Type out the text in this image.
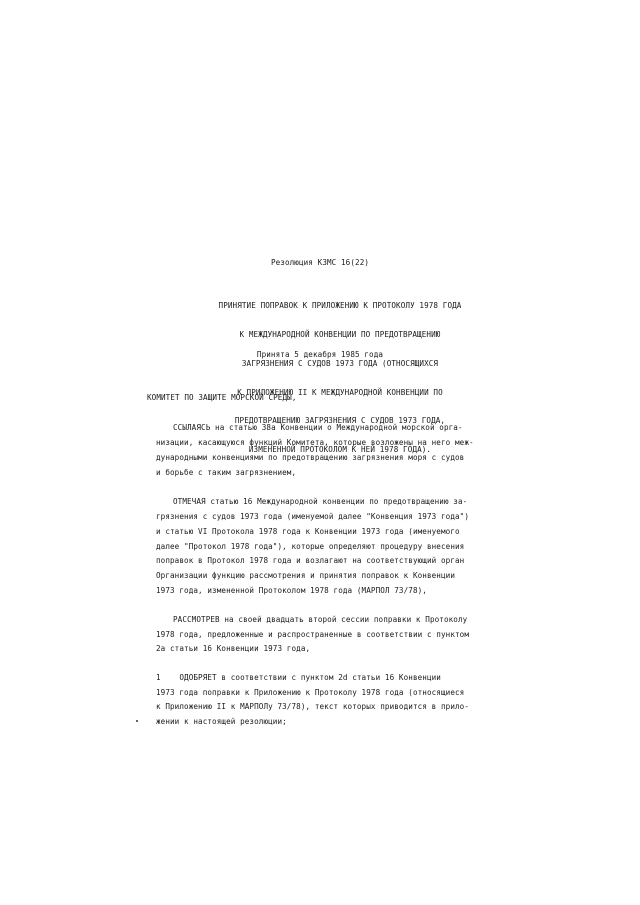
Резолюция КЗМС 16(22)

ПРИНЯТИЕ ПОПРАВОК К ПРИЛОЖЕНИЮ К ПРОТОКОЛУ 1978 ГОДА

К МЕЖДУНАРОДНОЙ КОНВЕНЦИИ ПО ПРЕДОТВРАЩЕНИЮ

ЗАГРЯЗНЕНИЯ С СУДОВ 1973 ГОДА (ОТНОСЯЩИХСЯ

К ПРИЛОЖЕНИЮ II К МЕЖДУНАРОДНОЙ КОНВЕНЦИИ ПО

ПРЕДОТВРАЩЕНИЮ ЗАГРЯЗНЕНИЯ С СУДОВ 1973 ГОДА,

ИЗМЕНЕННОЙ ПРОТОКОЛОМ К НЕЙ 1978 ГОДА).

Принята 5 декабря 1985 года
КОМИТЕТ ПО ЗАЩИТЕ МОРСКОЙ СРЕДЫ,
ССЫЛАЯСЬ на статью 38а Конвенции о Международной морской орга-
низации, касающуюся функций Комитета, которые возложены на него меж-
дународными конвенциями по предотвращению загрязнения моря с судов
и борьбе с таким загрязнением,
ОТМЕЧАЯ статью 16 Международной конвенции по предотвращению за-
грязнения с судов 1973 года (именуемой далее "Конвенция 1973 года")
и статью VI Протокола 1978 года к Конвенции 1973 года (именуемого
далее "Протокол 1978 года"), которые определяют процедуру внесения
поправок в Протокол 1978 года и возлагают на соответствующий орган
Организации функцию рассмотрения и принятия поправок к Конвенции
1973 года, измененной Протоколом 1978 года (МАРПОЛ 73/78),
РАССМОТРЕВ на своей двадцать второй сессии поправки к Протоколу
1978 года, предложенные и распространенные в соответствии с пунктом
2а статьи 16 Конвенции 1973 года,
1    ОДОБРЯЕТ в соответствии с пунктом 2d статьи 16 Конвенции
1973 года поправки к Приложению к Протоколу 1978 года (относящиеся
к Приложению II к МАРПОЛу 73/78), текст которых приводится в прило-
жении к настоящей резолюции;
